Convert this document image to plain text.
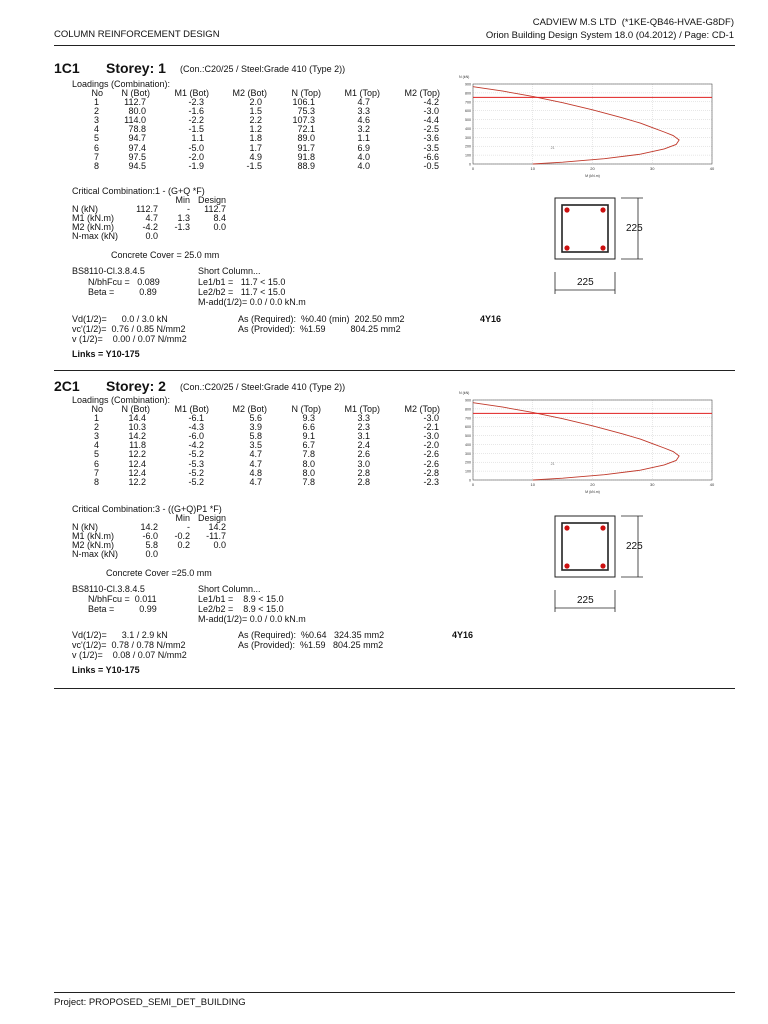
CADVIEW M.S LTD  (*1KE-QB46-HVAE-G8DF)
COLUMN REINFORCEMENT DESIGN	Orion Building Design System 18.0 (04.2012) / Page: CD-1
1C1 Storey: 1 (Con.:C20/25 / Steel:Grade 410 (Type 2))
Loadings (Combination):
No	N (Bot)	M1 (Bot)	M2 (Bot)	N (Top)	M1 (Top)	M2 (Top)
1	112.7	-2.3	2.0	106.1	4.7	-4.2
2	80.0	-1.6	1.5	75.3	3.3	-3.0
3	114.0	-2.2	2.2	107.3	4.6	-4.4
4	78.8	-1.5	1.2	72.1	3.2	-2.5
5	94.7	1.1	1.8	89.0	1.1	-3.6
6	97.4	-5.0	1.7	91.7	6.9	-3.5
7	97.5	-2.0	4.9	91.8	4.0	-6.6
8	94.5	-1.9	-1.5	88.9	4.0	-0.5
900
800
700
600
500
400
300
200
100
0
0	10	20	30	40
N (kN)
M (kN.m)
21
Critical Combination:1 - (G+Q *F)
		Min	Design
N (kN)	112.7	-	112.7
M1 (kN.m)	4.7	1.3	8.4
M2 (kN.m)	-4.2	-1.3	0.0
N-max (kN)	0.0		
Concrete Cover = 25.0 mm
BS8110-Cl.3.8.4.5
N/bhFcu =   0.089
Beta =          0.89
Short Column...
Le1/b1 =   11.7 < 15.0
Le2/b2 =   11.7 < 15.0
M-add(1/2)= 0.0 / 0.0 kN.m
Vd(1/2)=      0.0 / 3.0 kN
vc'(1/2)=  0.76 / 0.85 N/mm2
v (1/2)=    0.00 / 0.07 N/mm2
As (Required):  %0.40 (min)  202.50 mm2
As (Provided):  %1.59          804.25 mm2
4Y16
Links = Y10-175
225
225
2C1 Storey: 2 (Con.:C20/25 / Steel:Grade 410 (Type 2))
Loadings (Combination):
No	N (Bot)	M1 (Bot)	M2 (Bot)	N (Top)	M1 (Top)	M2 (Top)
1	14.4	-6.1	5.6	9.3	3.3	-3.0
2	10.3	-4.3	3.9	6.6	2.3	-2.1
3	14.2	-6.0	5.8	9.1	3.1	-3.0
4	11.8	-4.2	3.5	6.7	2.4	-2.0
5	12.2	-5.2	4.7	7.8	2.6	-2.6
6	12.4	-5.3	4.7	8.0	3.0	-2.6
7	12.4	-5.2	4.8	8.0	2.8	-2.8
8	12.2	-5.2	4.7	7.8	2.8	-2.3
900
800
700
600
500
400
300
200
100
0
0	10	20	30	40
N (kN)
M (kN.m)
21
Critical Combination:3 - ((G+Q)P1 *F)
		Min	Design
N (kN)	14.2	-	14.2
M1 (kN.m)	-6.0	-0.2	-11.7
M2 (kN.m)	5.8	0.2	0.0
N-max (kN)	0.0		
Concrete Cover =25.0 mm
BS8110-Cl.3.8.4.5
N/bhFcu =  0.011
Beta =          0.99
Short Column...
Le1/b1 =    8.9 < 15.0
Le2/b2 =    8.9 < 15.0
M-add(1/2)= 0.0 / 0.0 kN.m
Vd(1/2)=      3.1 / 2.9 kN
vc'(1/2)=  0.78 / 0.78 N/mm2
v (1/2)=    0.08 / 0.07 N/mm2
As (Required):  %0.64   324.35 mm2
As (Provided):  %1.59   804.25 mm2
4Y16
Links = Y10-175
225
225
Project: PROPOSED_SEMI_DET_BUILDING
